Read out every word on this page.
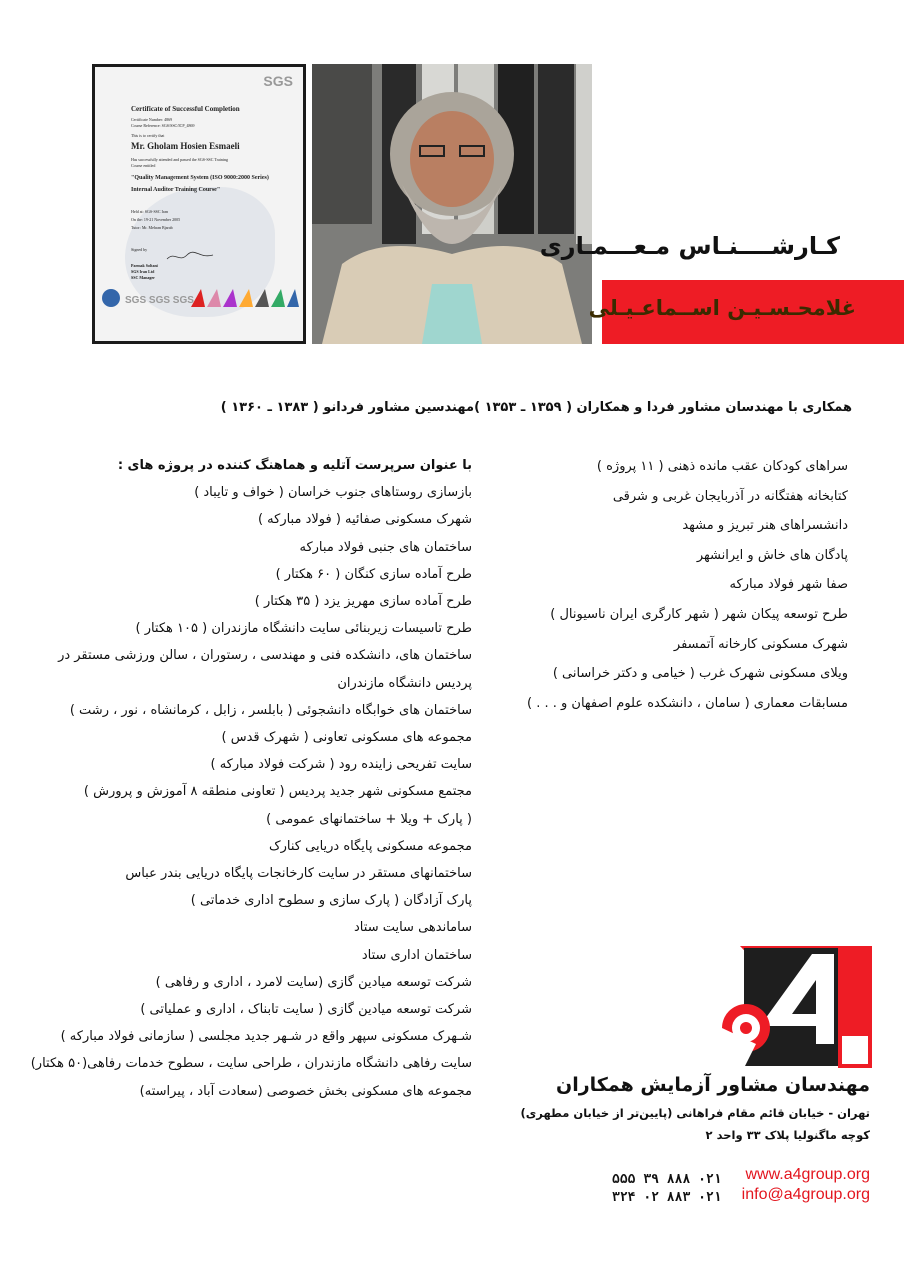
SGS
Certificate of Successful Completion
Certificate Number: 4869
Course Reference: SGS/SSC/ICP_4869
This is to certify that
Mr. Gholam Hosien Esmaeli
Has successfully attended and passed the SGS-SSC Training
Course entitled
"Quality Management System (ISO 9000:2000 Series)
Internal Auditor Training Course"
Held at: SGS-SSC Iran
On the: 19-21 November 2005
Tutor: Mr. Mehran Bjarab
Signed by
Parmak Soltani
SGS Iran Ltd
SSC Manager
SGS SGS SGS
کـارشــــنـاس مـعـــمـاری
غلامحـسـیـن اســماعـیـلی
همکاری با مهندسان مشاور فردا و همکاران ( ۱۳۵۹ ـ ۱۳۵۳ )
مهندسین مشاور فردانو ( ۱۳۸۳ ـ ۱۳۶۰ )
سراهای کودکان عقب مانده ذهنی ( ۱۱ پروژه )
کتابخانه هفتگانه در آذربایجان غربی و شرقی
دانشسراهای هنر تبریز و مشهد
پادگان های خاش و ایرانشهر
صفا شهر فولاد مبارکه
طرح توسعه پیکان شهر ( شهر کارگری ایران ناسیونال )
شهرک مسکونی کارخانه آتمسفر
ویلای مسکونی شهرک غرب ( خیامی و دکتر خراسانی )
مسابقات معماری ( سامان ، دانشکده علوم اصفهان و . . . )
با عنوان سرپرست آتلیه و هماهنگ کننده در پروژه های :
بازسازی روستاهای جنوب خراسان ( خواف و تایباد )
شهرک مسکونی صفائیه ( فولاد مبارکه )
ساختمان های جنبی فولاد مبارکه
طرح آماده سازی کنگان ( ۶۰ هکتار )
طرح آماده سازی مهریز یزد ( ۳۵ هکتار )
طرح تاسیسات زیربنائی سایت دانشگاه مازندران ( ۱۰۵ هکتار )
ساختمان های، دانشکده فنی و مهندسی ، رستوران ، سالن ورزشی مستقر در
پردیس دانشگاه مازندران
ساختمان های خوابگاه دانشجوئی ( بابلسر ، زابل ، کرمانشاه ، نور ، رشت )
مجموعه های مسکونی تعاونی ( شهرک قدس )
سایت تفریحی زاینده رود ( شرکت فولاد مبارکه )
مجتمع مسکونی شهر جدید پردیس ( تعاونی منطقه ۸ آموزش و پرورش )
( پارک + ویلا + ساختمانهای عمومی )
مجموعه مسکونی پایگاه دریایی کنارک
ساختمانهای مستقر در سایت کارخانجات پایگاه دریایی بندر عباس
پارک آزادگان ( پارک سازی و سطوح اداری خدماتی )
ساماندهی سایت ستاد
ساختمان اداری ستاد
شرکت توسعه میادین گازی (سایت لامرد ، اداری و رفاهی )
شرکت توسعه میادین گازی ( سایت تابناک ، اداری و عملیاتی )
شـهرک مسکونی سپهر واقع در شـهر جدید مجلسی ( سازمانی فولاد مبارکه )
سایت رفاهی دانشگاه مازندران ، طراحی سایت ، سطوح خدمات رفاهی(۵۰ هکتار)
مجموعه های مسکونی بخش خصوصی (سعادت آباد ، پیراسته)	مهندسان مشاور آزمایش همکاران
تهران - خیابان قائم مقام فراهانی (پایین‌تر از خیابان مطهری)
کوچه ماگنولیا پلاک ۳۳ واحد ۲
۰۲۱ ۸۸۸ ۳۹ ۵۵۵
۰۲۱ ۸۸۳ ۰۲ ۳۲۴
www.a4group.org
info@a4group.org
